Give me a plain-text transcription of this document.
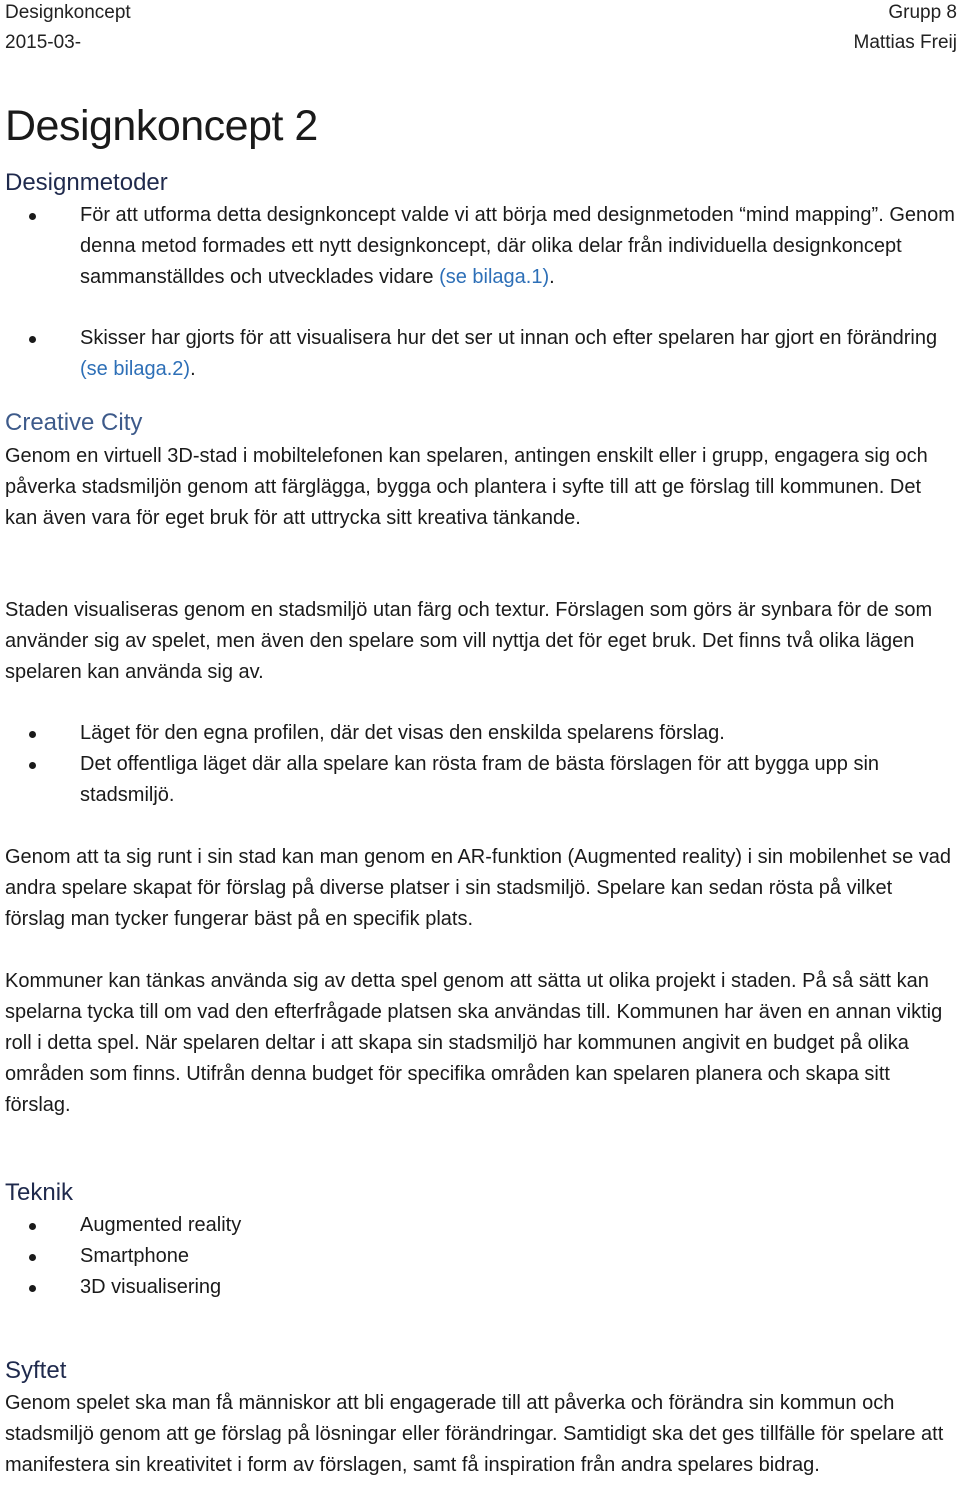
Designkoncept
2015-03-
Grupp 8
Mattias Freij
Designkoncept 2
Designmetoder
För att utforma detta designkoncept valde vi att börja med designmetoden “mind mapping”. Genom denna metod formades ett nytt designkoncept, där olika delar från individuella designkoncept sammanställdes och utvecklades vidare (se bilaga.1).
Skisser har gjorts för att visualisera hur det ser ut innan och efter spelaren har gjort en förändring (se bilaga.2).
Creative City

Genom en virtuell 3D-stad i mobiltelefonen kan spelaren, antingen enskilt eller i grupp, engagera sig och påverka stadsmiljön genom att färglägga, bygga och plantera i syfte till att ge förslag till kommunen. Det kan även vara för eget bruk för att uttrycka sitt kreativa tänkande.

Staden visualiseras genom en stadsmiljö utan färg och textur. Förslagen som görs är synbara för de som använder sig av spelet, men även den spelare som vill nyttja det för eget bruk. Det finns två olika lägen spelaren kan använda sig av.

Läget för den egna profilen, där det visas den enskilda spelarens förslag.
Det offentliga läget där alla spelare kan rösta fram de bästa förslagen för att bygga upp sin stadsmiljö.

Genom att ta sig runt i sin stad kan man genom en AR-funktion (Augmented reality) i sin mobilenhet se vad andra spelare skapat för förslag på diverse platser i sin stadsmiljö. Spelare kan sedan rösta på vilket förslag man tycker fungerar bäst på en specifik plats.

Kommuner kan tänkas använda sig av detta spel genom att sätta ut olika projekt i staden. På så sätt kan spelarna tycka till om vad den efterfrågade platsen ska användas till. Kommunen har även en annan viktig roll i detta spel. När spelaren deltar i att skapa sin stadsmiljö har kommunen angivit en budget på olika områden som finns. Utifrån denna budget för specifika områden kan spelaren planera och skapa sitt förslag.

Teknik
Augmented reality
Smartphone
3D visualisering
Syftet

Genom spelet ska man få människor att bli engagerade till att påverka och förändra sin kommun och stadsmiljö genom att ge förslag på lösningar eller förändringar. Samtidigt ska det ges tillfälle för spelare att manifestera sin kreativitet i form av förslagen, samt få inspiration från andra spelares bidrag.
